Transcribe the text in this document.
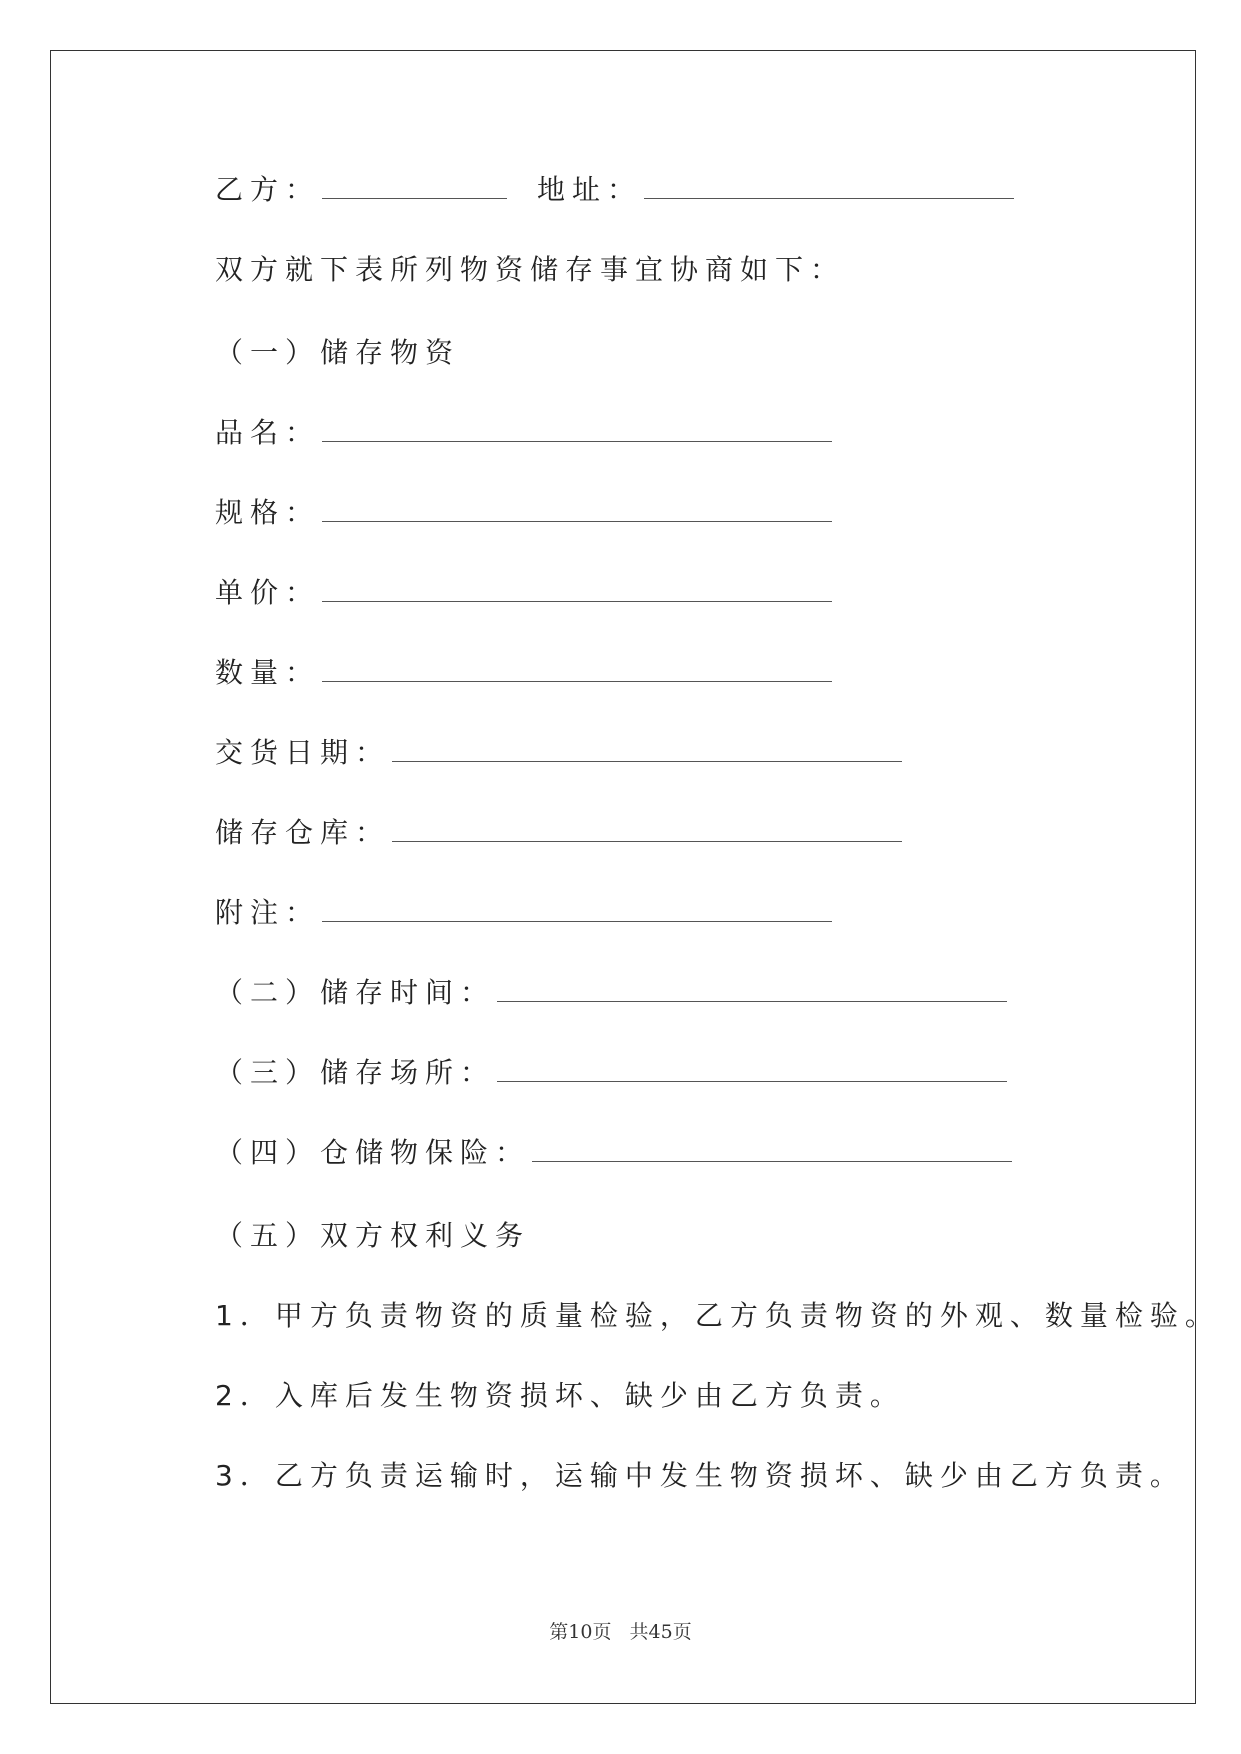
乙方：	地址：
双方就下表所列物资储存事宜协商如下：
（一）储存物资
品名：
规格：
单价：
数量：
交货日期：
储存仓库：
附注：
（二）储存时间：
（三）储存场所：
（四）仓储物保险：
（五）双方权利义务
1．甲方负责物资的质量检验，乙方负责物资的外观、数量检验。
2．入库后发生物资损坏、缺少由乙方负责。
3．乙方负责运输时，运输中发生物资损坏、缺少由乙方负责。
第10页 共45页
